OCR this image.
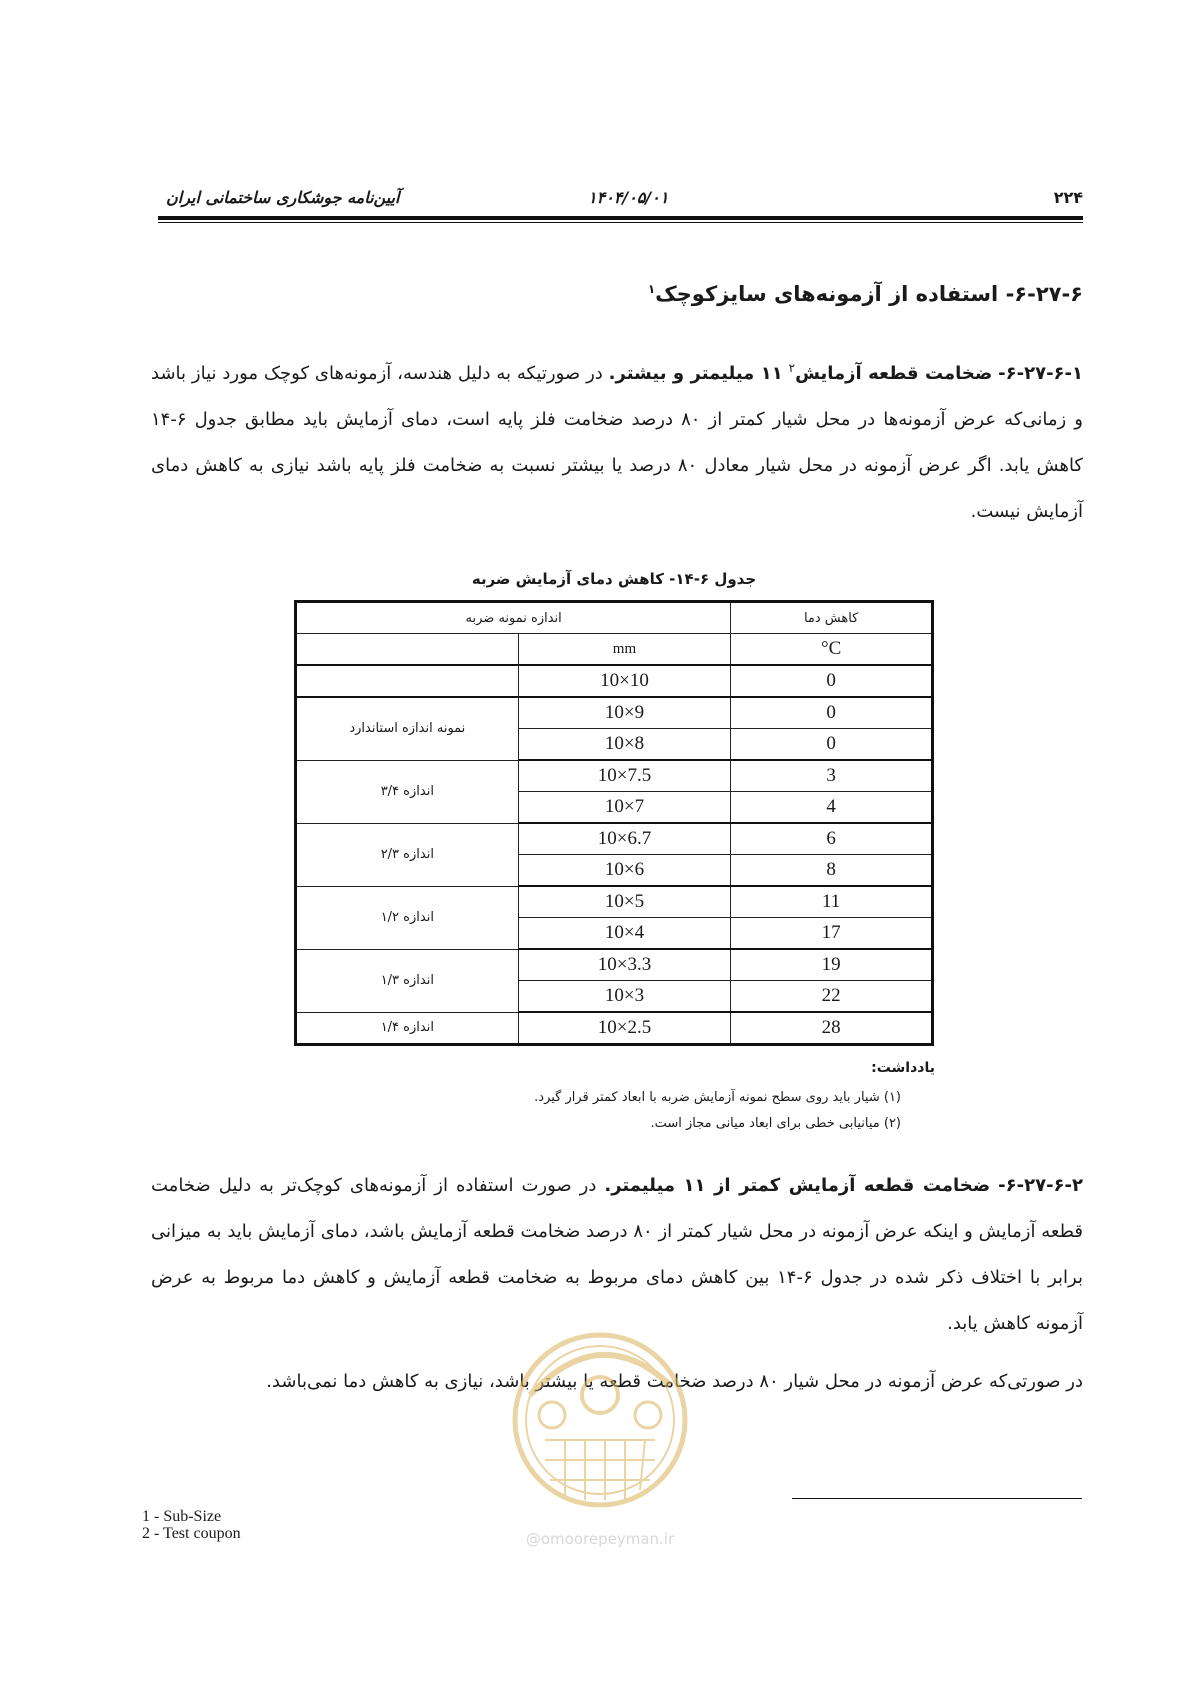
۲۲۴
۱۴۰۴/۰۵/۰۱
آیین‌نامه جوشکاری ساختمانی ایران
۶-۲۷-۶- استفاده از آزمونه‌های سایزکوچک$^۱$
۶-۲۷-۶-۱- ضخامت قطعه آزمایش$^۲$ ۱۱ میلیمتر و بیشتر. در صورتیکه به دلیل هندسه، آزمونه‌های کوچک مورد نیاز باشد و زمانی‌که عرض آزمونه‌ها در محل شیار کمتر از ۸۰ درصد ضخامت فلز پایه است، دمای آزمایش باید مطابق جدول ۶-۱۴ کاهش یابد. اگر عرض آزمونه در محل شیار معادل ۸۰ درصد یا بیشتر نسبت به ضخامت فلز پایه باشد نیازی به کاهش دمای آزمایش نیست.
جدول ۶-۱۴- کاهش دمای آزمایش ضربه
اندازه نمونه ضربه		کاهش دما
	mm	°C
	10×10	0
نمونه اندازه استاندارد	10×9	0
	10×8	0
اندازه ۳/۴	10×7.5	3
	10×7	4
اندازه ۲/۳	10×6.7	6
	10×6	8
اندازه ۱/۲	10×5	11
	10×4	17
اندازه ۱/۳	10×3.3	19
	10×3	22
اندازه ۱/۴	10×2.5	28
یادداشت:
(۱) شیار باید روی سطح نمونه آزمایش ضربه با ابعاد کمتر قرار گیرد.
(۲) میانیابی خطی برای ابعاد میانی مجاز است.
۶-۲۷-۶-۲- ضخامت قطعه آزمایش کمتر از ۱۱ میلیمتر. در صورت استفاده از آزمونه‌های کوچک‌تر به دلیل ضخامت قطعه آزمایش و اینکه عرض آزمونه در محل شیار کمتر از ۸۰ درصد ضخامت قطعه آزمایش باشد، دمای آزمایش باید به میزانی برابر با اختلاف ذکر شده در جدول ۶-۱۴ بین کاهش دمای مربوط به ضخامت قطعه آزمایش و کاهش دما مربوط به عرض آزمونه کاهش یابد.
در صورتی‌که عرض آزمونه در محل شیار ۸۰ درصد ضخامت قطعه یا بیشتر باشد، نیازی به کاهش دما نمی‌باشد.
@omoorepeyman.ir
1 - Sub-Size
2 - Test coupon
